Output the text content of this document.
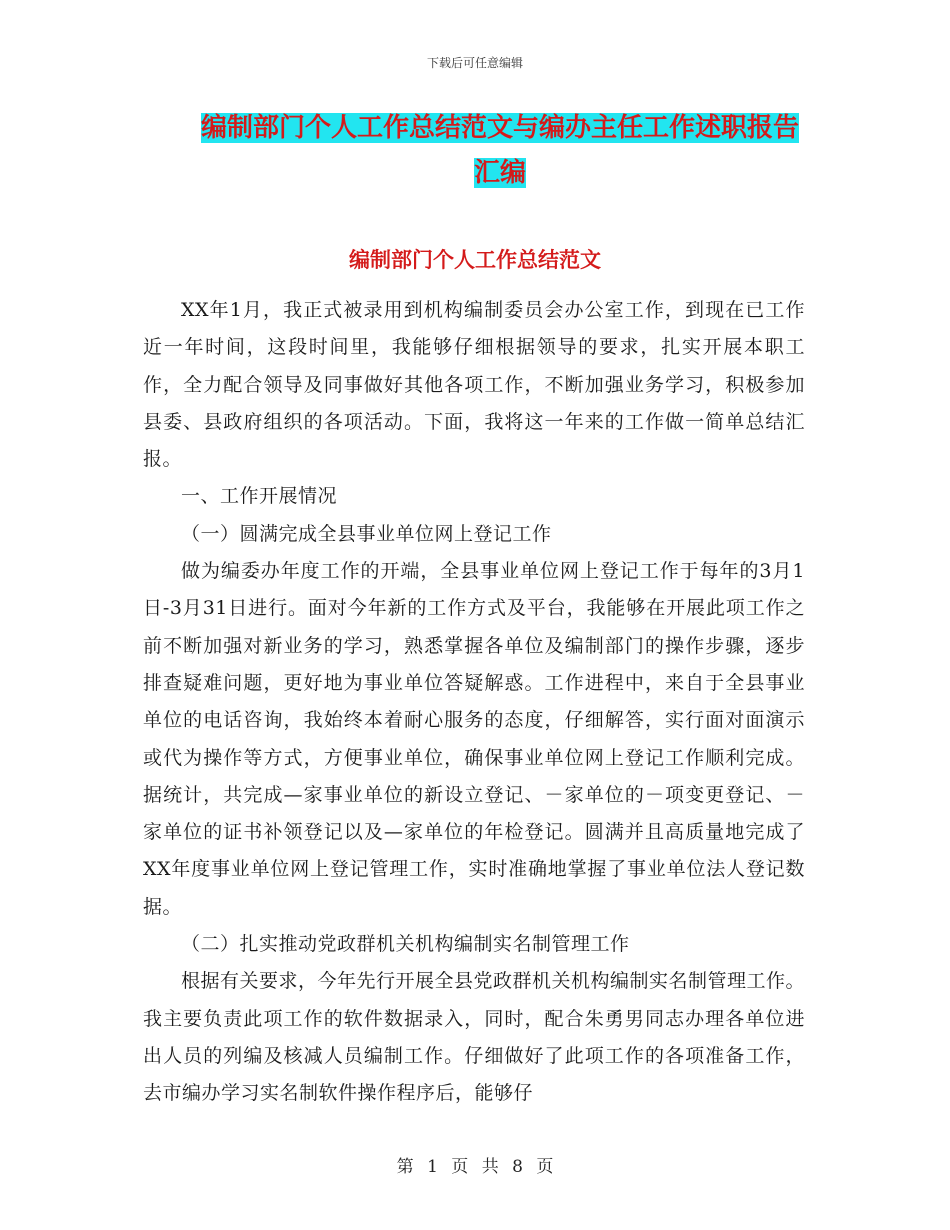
下载后可任意编辑
编制部门个人工作总结范文与编办主任工作述职报告
汇编
编制部门个人工作总结范文

XX年1月，我正式被录用到机构编制委员会办公室工作，到现在已工作近一年时间，这段时间里，我能够仔细根据领导的要求，扎实开展本职工作，全力配合领导及同事做好其他各项工作，不断加强业务学习，积极参加县委、县政府组织的各项活动。下面，我将这一年来的工作做一简单总结汇报。

一、工作开展情况

（一）圆满完成全县事业单位网上登记工作

做为编委办年度工作的开端，全县事业单位网上登记工作于每年的3月1日-3月31日进行。面对今年新的工作方式及平台，我能够在开展此项工作之前不断加强对新业务的学习，熟悉掌握各单位及编制部门的操作步骤，逐步排查疑难问题，更好地为事业单位答疑解惑。工作进程中，来自于全县事业单位的电话咨询，我始终本着耐心服务的态度，仔细解答，实行面对面演示或代为操作等方式，方便事业单位，确保事业单位网上登记工作顺利完成。据统计，共完成—家事业单位的新设立登记、－家单位的－项变更登记、－家单位的证书补领登记以及—家单位的年检登记。圆满并且高质量地完成了XX年度事业单位网上登记管理工作，实时准确地掌握了事业单位法人登记数据。

（二）扎实推动党政群机关机构编制实名制管理工作

根据有关要求，今年先行开展全县党政群机关机构编制实名制管理工作。我主要负责此项工作的软件数据录入，同时，配合朱勇男同志办理各单位进出人员的列编及核减人员编制工作。仔细做好了此项工作的各项准备工作，去市编办学习实名制软件操作程序后，能够仔

第 1 页 共 8 页
